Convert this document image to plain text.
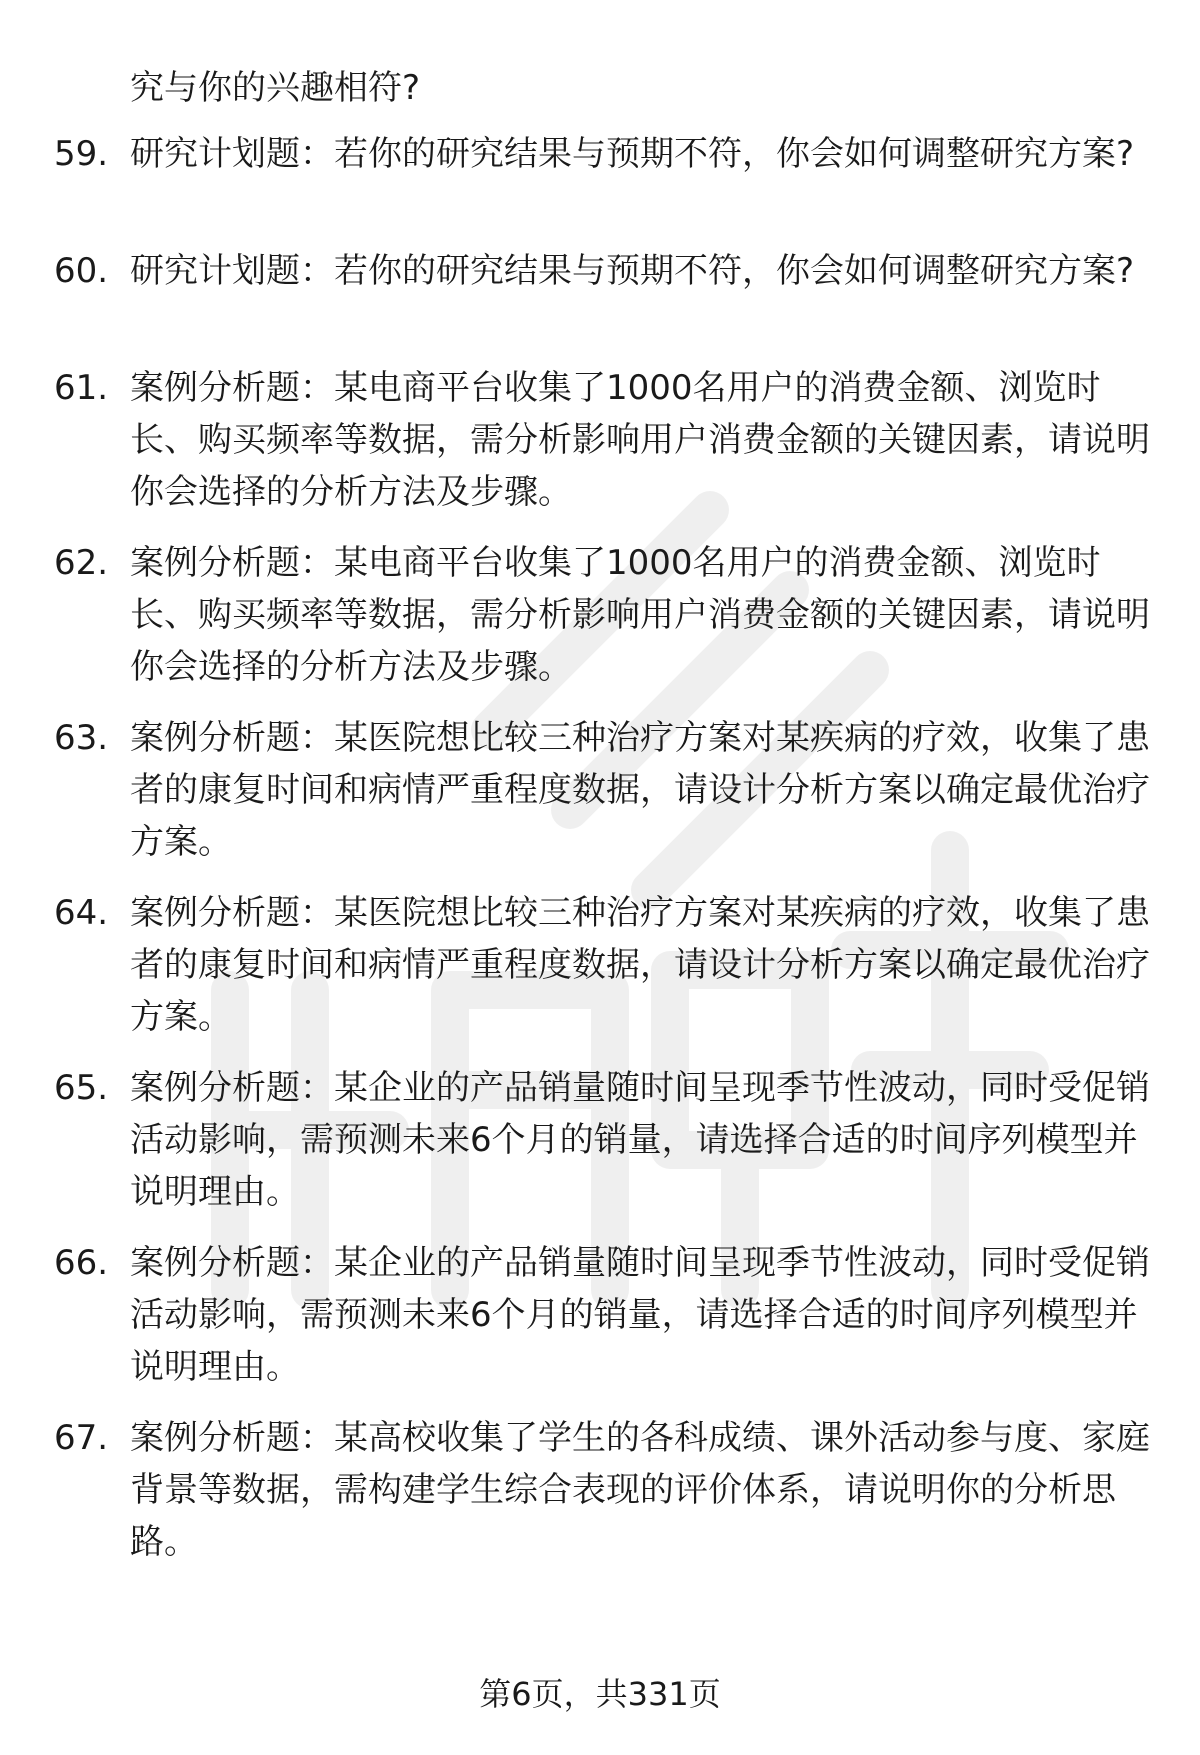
究与你的兴趣相符?
59. 研究计划题：若你的研究结果与预期不符，你会如何调整研究方案?
60. 研究计划题：若你的研究结果与预期不符，你会如何调整研究方案?
61. 案例分析题：某电商平台收集了1000名用户的消费金额、浏览时长、购买频率等数据，需分析影响用户消费金额的关键因素，请说明你会选择的分析方法及步骤。
62. 案例分析题：某电商平台收集了1000名用户的消费金额、浏览时长、购买频率等数据，需分析影响用户消费金额的关键因素，请说明你会选择的分析方法及步骤。
63. 案例分析题：某医院想比较三种治疗方案对某疾病的疗效，收集了患者的康复时间和病情严重程度数据，请设计分析方案以确定最优治疗方案。
64. 案例分析题：某医院想比较三种治疗方案对某疾病的疗效，收集了患者的康复时间和病情严重程度数据，请设计分析方案以确定最优治疗方案。
65. 案例分析题：某企业的产品销量随时间呈现季节性波动，同时受促销活动影响，需预测未来6个月的销量，请选择合适的时间序列模型并说明理由。
66. 案例分析题：某企业的产品销量随时间呈现季节性波动，同时受促销活动影响，需预测未来6个月的销量，请选择合适的时间序列模型并说明理由。
67. 案例分析题：某高校收集了学生的各科成绩、课外活动参与度、家庭背景等数据，需构建学生综合表现的评价体系，请说明你的分析思路。
第6页，共331页
